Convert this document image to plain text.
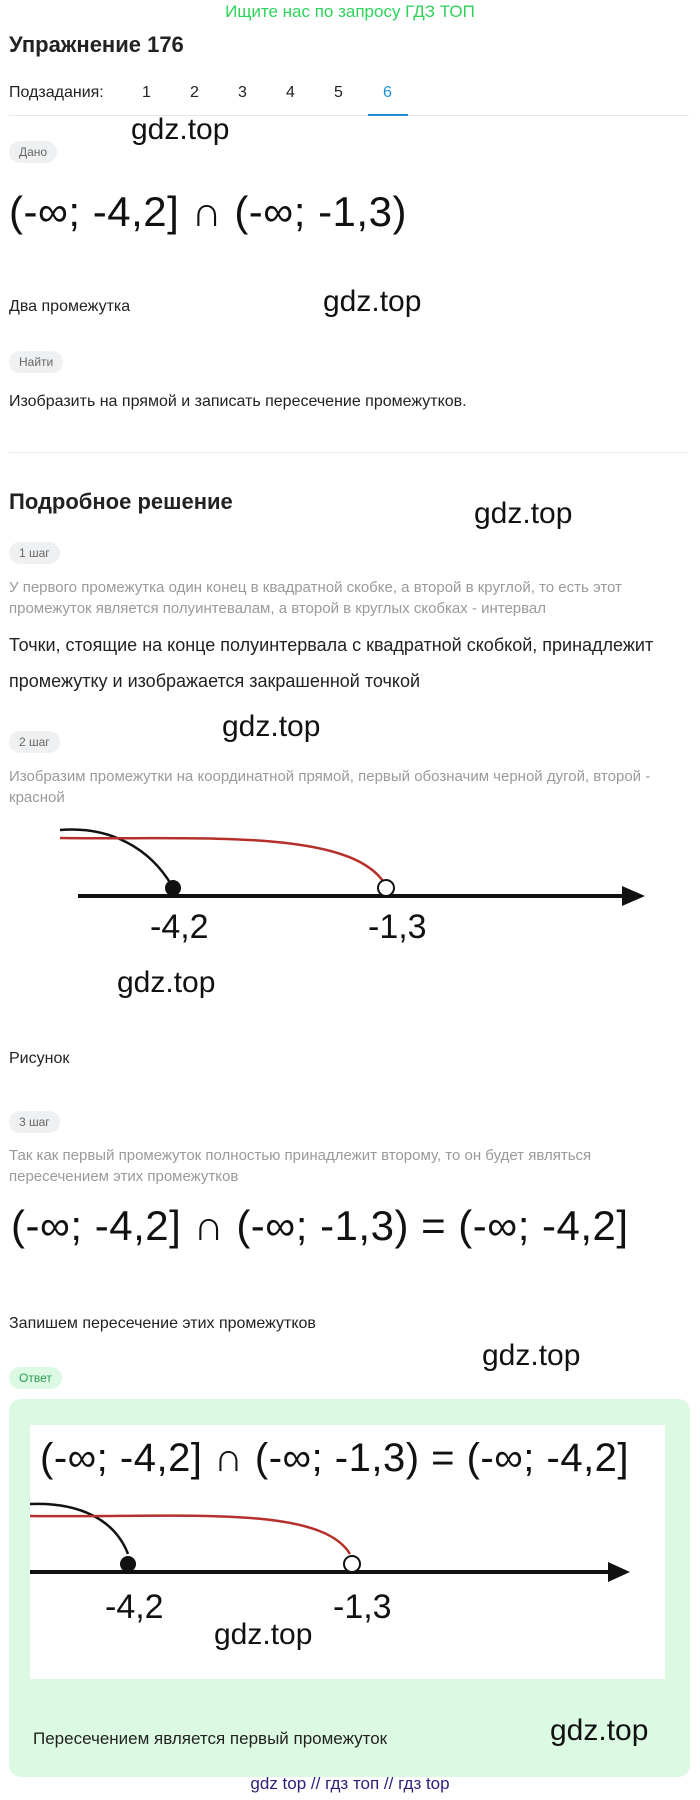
Ищите нас по запросу ГДЗ ТОП
Упражнение 176
Подзадания: 1 2 3 4 5	6
Дано
gdz.top
(-∞; -4,2] ∩ (-∞; -1,3)
Два промежутка	gdz.top
Найти
Изобразить на прямой и записать пересечение промежутков.
Подробное решение	gdz.top
1 шаг
У первого промежутка один конец в квадратной скобке, а второй в круглой, то есть этот промежуток является полуинтевалам, а второй в круглых скобках - интервал
Точки, стоящие на конце полуинтервала с квадратной скобкой, принадлежит промежутку и изображается закрашенной точкой
2 шаг	gdz.top
Изобразим промежутки на координатной прямой, первый обозначим черной дугой, второй - красной
-4,2	-1,3
gdz.top
Рисунок
3 шаг
Так как первый промежуток полностью принадлежит второму, то он будет являться пересечением этих промежутков
(-∞; -4,2] ∩ (-∞; -1,3) = (-∞; -4,2]
Запишем пересечение этих промежутков
gdz.top
Ответ
(-∞; -4,2] ∩ (-∞; -1,3) = (-∞; -4,2]
-4,2	-1,3
gdz.top
Пересечением является первый промежуток	gdz.top
gdz top // гдз топ // гдз top
